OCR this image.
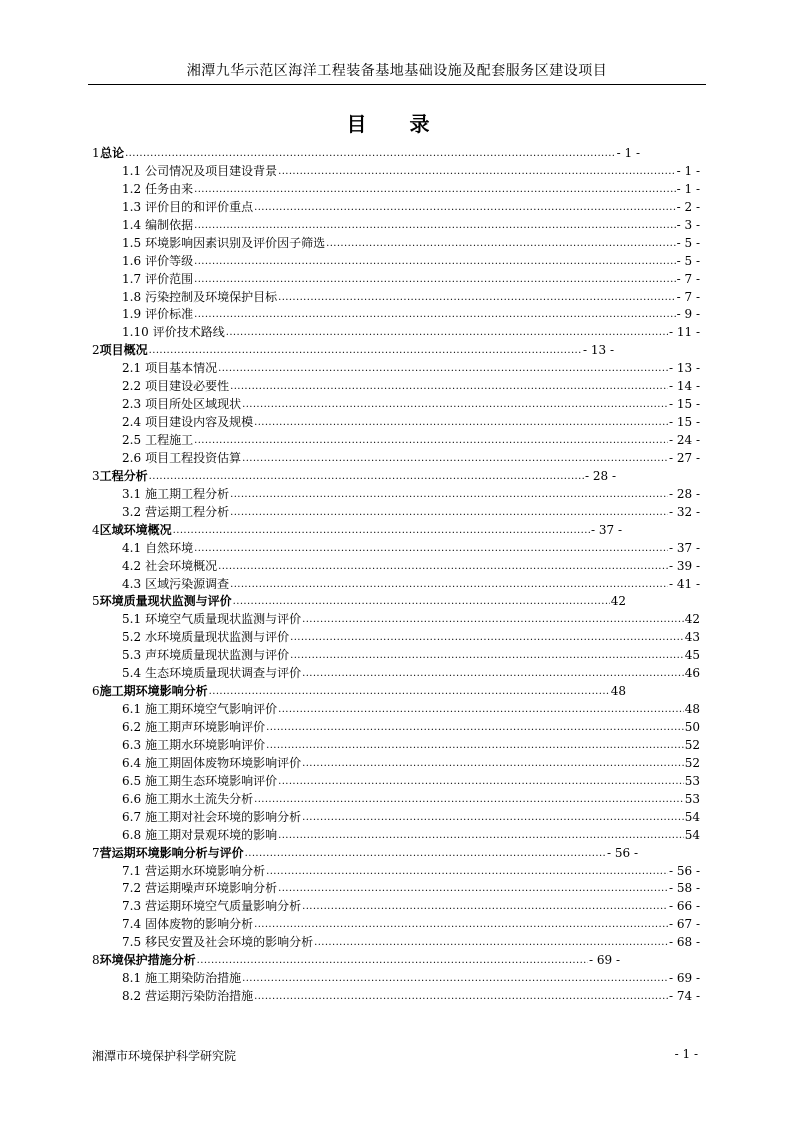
湘潭九华示范区海洋工程装备基地基础设施及配套服务区建设项目
目 录
1 总论 .....	- 1 -
1.1 公司情况及项目建设背景 .....	- 1 -
1.2 任务由来 .....	- 1 -
1.3 评价目的和评价重点 .....	- 2 -
1.4 编制依据 .....	- 3 -
1.5 环境影响因素识别及评价因子筛选 .....	- 5 -
1.6 评价等级 .....	- 5 -
1.7 评价范围 .....	- 7 -
1.8 污染控制及环境保护目标 .....	- 7 -
1.9 评价标准 .....	- 9 -
1.10 评价技术路线 .....	- 11 -
2 项目概况 .....	- 13 -
2.1 项目基本情况 .....	- 13 -
2.2 项目建设必要性 .....	- 14 -
2.3 项目所处区域现状 .....	- 15 -
2.4 项目建设内容及规模 .....	- 15 -
2.5 工程施工 .....	- 24 -
2.6 项目工程投资估算 .....	- 27 -
3 工程分析 .....	- 28 -
3.1 施工期工程分析 .....	- 28 -
3.2 营运期工程分析 .....	- 32 -
4 区域环境概况 .....	- 37 -
4.1 自然环境 .....	- 37 -
4.2 社会环境概况 .....	- 39 -
4.3 区域污染源调查 .....	- 41 -
5 环境质量现状监测与评价 .....	42
5.1 环境空气质量现状监测与评价 .....	42
5.2 水环境质量现状监测与评价 .....	43
5.3 声环境质量现状监测与评价 .....	45
5.4 生态环境质量现状调查与评价 .....	46
6 施工期环境影响分析 .....	48
6.1 施工期环境空气影响评价 .....	48
6.2 施工期声环境影响评价 .....	50
6.3 施工期水环境影响评价 .....	52
6.4 施工期固体废物环境影响评价 .....	52
6.5 施工期生态环境影响评价 .....	53
6.6 施工期水土流失分析 .....	53
6.7 施工期对社会环境的影响分析 .....	54
6.8 施工期对景观环境的影响 .....	54
7 营运期环境影响分析与评价 .....	- 56 -
7.1 营运期水环境影响分析 .....	- 56 -
7.2 营运期噪声环境影响分析 .....	- 58 -
7.3 营运期环境空气质量影响分析 .....	- 66 -
7.4 固体废物的影响分析 .....	- 67 -
7.5 移民安置及社会环境的影响分析 .....	- 68 -
8 环境保护措施分析 .....	- 69 -
8.1 施工期染防治措施 .....	- 69 -
8.2 营运期污染防治措施 .....	- 74 -
湘潭市环境保护科学研究院	- 1 -
